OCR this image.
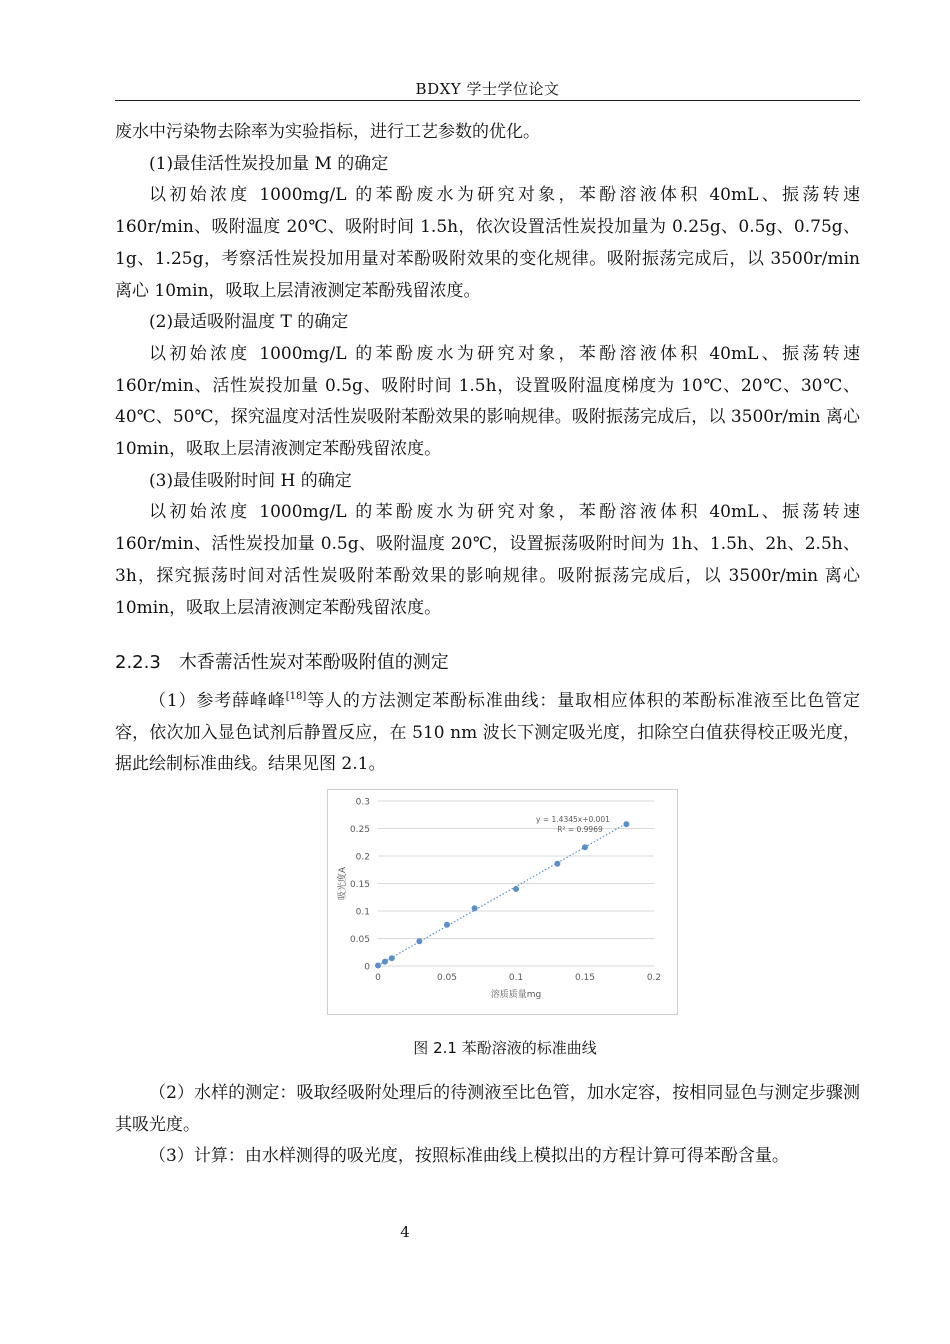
BDXY 学士学位论文

废水中污染物去除率为实验指标，进行工艺参数的优化。

(1)最佳活性炭投加量 M 的确定

以初始浓度 1000mg/L 的苯酚废水为研究对象，苯酚溶液体积 40mL、振荡转速 160r/min、吸附温度 20℃、吸附时间 1.5h，依次设置活性炭投加量为 0.25g、0.5g、0.75g、1g、1.25g，考察活性炭投加用量对苯酚吸附效果的变化规律。吸附振荡完成后，以 3500r/min 离心 10min，吸取上层清液测定苯酚残留浓度。

(2)最适吸附温度 T 的确定

以初始浓度 1000mg/L 的苯酚废水为研究对象，苯酚溶液体积 40mL、振荡转速 160r/min、活性炭投加量 0.5g、吸附时间 1.5h，设置吸附温度梯度为 10℃、20℃、30℃、40℃、50℃，探究温度对活性炭吸附苯酚效果的影响规律。吸附振荡完成后，以 3500r/min 离心 10min，吸取上层清液测定苯酚残留浓度。

(3)最佳吸附时间 H 的确定

以初始浓度 1000mg/L 的苯酚废水为研究对象，苯酚溶液体积 40mL、振荡转速 160r/min、活性炭投加量 0.5g、吸附温度 20℃，设置振荡吸附时间为 1h、1.5h、2h、2.5h、3h，探究振荡时间对活性炭吸附苯酚效果的影响规律。吸附振荡完成后，以 3500r/min 离心 10min，吸取上层清液测定苯酚残留浓度。

2.2.3 木香薷活性炭对苯酚吸附值的测定

（1）参考薛峰峰[18]等人的方法测定苯酚标准曲线：量取相应体积的苯酚标准液至比色管定容，依次加入显色试剂后静置反应，在 510 nm 波长下测定吸光度，扣除空白值获得校正吸光度，据此绘制标准曲线。结果见图 2.1。

0
0.05
0.1
0.15
0.2
0.25
0.3
0	0.05	0.1	0.15	0.2
溶质质量mg
吸光度A
y = 1.4345x+0.001
R² = 0.9969
图 2.1 苯酚溶液的标准曲线

（2）水样的测定：吸取经吸附处理后的待测液至比色管，加水定容，按相同显色与测定步骤测其吸光度。

（3）计算：由水样测得的吸光度，按照标准曲线上模拟出的方程计算可得苯酚含量。

4
